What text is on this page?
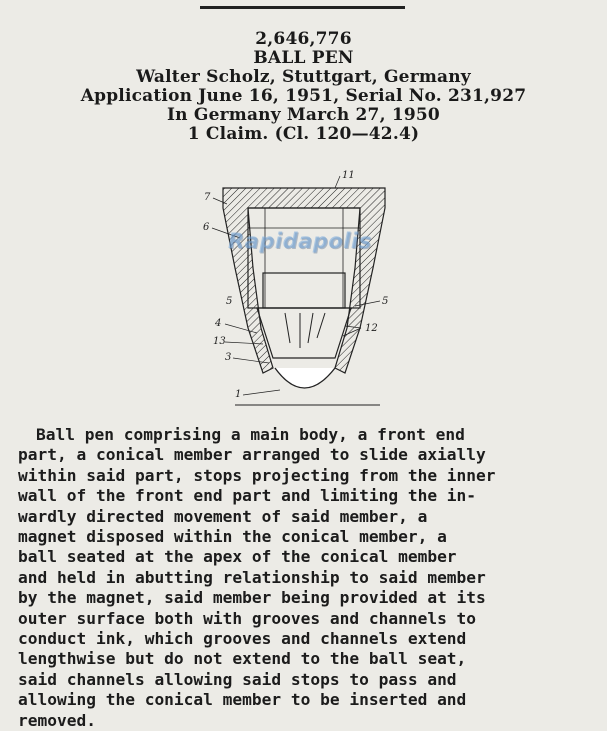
2,646,776
BALL PEN
Walter Scholz, Stuttgart, Germany
Application June 16, 1951, Serial No. 231,927
In Germany March 27, 1950
1 Claim. (Cl. 120—42.4)
11
7
6
5	5
4
13
12
3
1
Rapidapolis
Ball pen comprising a main body, a front end
part, a conical member arranged to slide axially
within said part, stops projecting from the inner
wall of the front end part and limiting the in-
wardly directed movement of said member, a
magnet disposed within the conical member, a
ball seated at the apex of the conical member
and held in abutting relationship to said member
by the magnet, said member being provided at its
outer surface both with grooves and channels to
conduct ink, which grooves and channels extend
lengthwise but do not extend to the ball seat,
said channels allowing said stops to pass and
allowing the conical member to be inserted and
removed.
